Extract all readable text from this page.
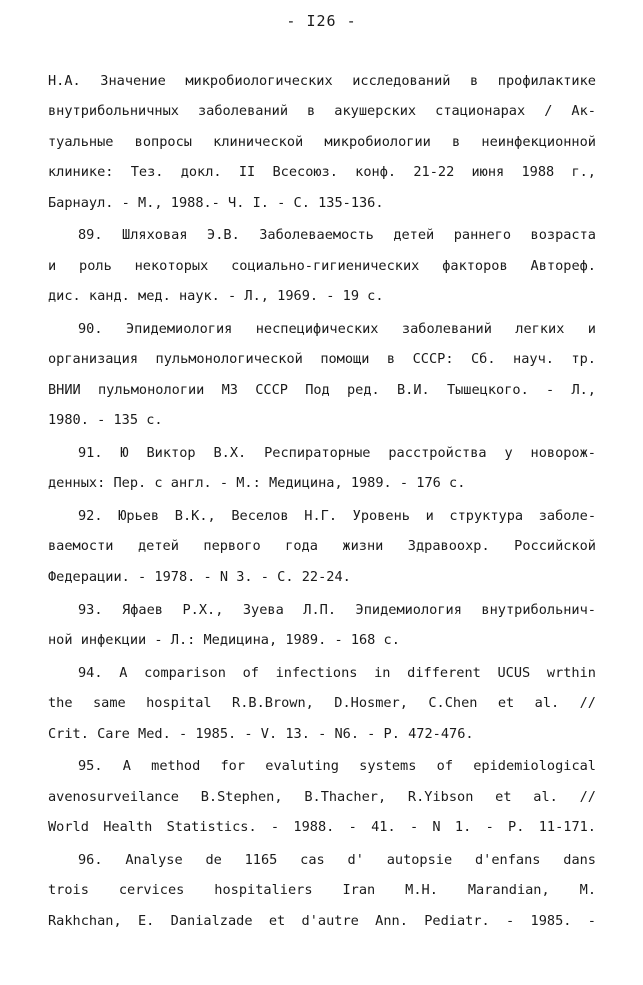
- I26 -
Н.А. Значение микробиологических исследований в профилактике
внутрибольничных заболеваний в акушерских стационарах / Ак-
туальные вопросы клинической микробиологии в неинфекционной
клинике: Тез. докл. II Всесоюз. конф. 21-22 июня 1988 г.,
Барнаул. - М., 1988.- Ч. I. - С. 135-136.
89. Шляховая Э.В. Заболеваемость детей раннего возраста
и роль некоторых социально-гигиенических факторов Автореф.
дис. канд. мед. наук. - Л., 1969. - 19 с.
90. Эпидемиология неспецифических заболеваний легких и
организация пульмонологической помощи в СССР: Сб. науч. тр.
ВНИИ пульмонологии МЗ СССР Под ред. В.И. Тышецкого. - Л.,
1980. - 135 с.
91. Ю Виктор В.Х. Респираторные расстройства у новорож-
денных: Пер. с англ. - М.: Медицина, 1989. - 176 с.
92. Юрьев В.К., Веселов Н.Г. Уровень и структура заболе-
ваемости детей первого года жизни Здравоохр. Российской
Федерации. - 1978. - N 3. - С. 22-24.
93. Яфаев Р.Х., Зуева Л.П. Эпидемиология внутрибольнич-
ной инфекции - Л.: Медицина, 1989. - 168 с.
94. A comparison of infections in different UCUS wrthin
the same hospital R.B.Brown, D.Hosmer, C.Chen et al. //
Crit. Care Med. - 1985. - V. 13. - N6. - P. 472-476.
95. A method for evaluting systems of epidemiological
avenosurveilance B.Stephen, B.Thacher, R.Yibson et al. //
World Health Statistics. - 1988. - 41. - N 1. - P. 11-171.
96. Analyse de 1165 cas d' autopsie d'enfans dans
trois cervices hospitaliers Iran M.H. Marandian, M.
Rakhchan, E. Danialzade et d'autre Ann. Pediatr. - 1985. -
